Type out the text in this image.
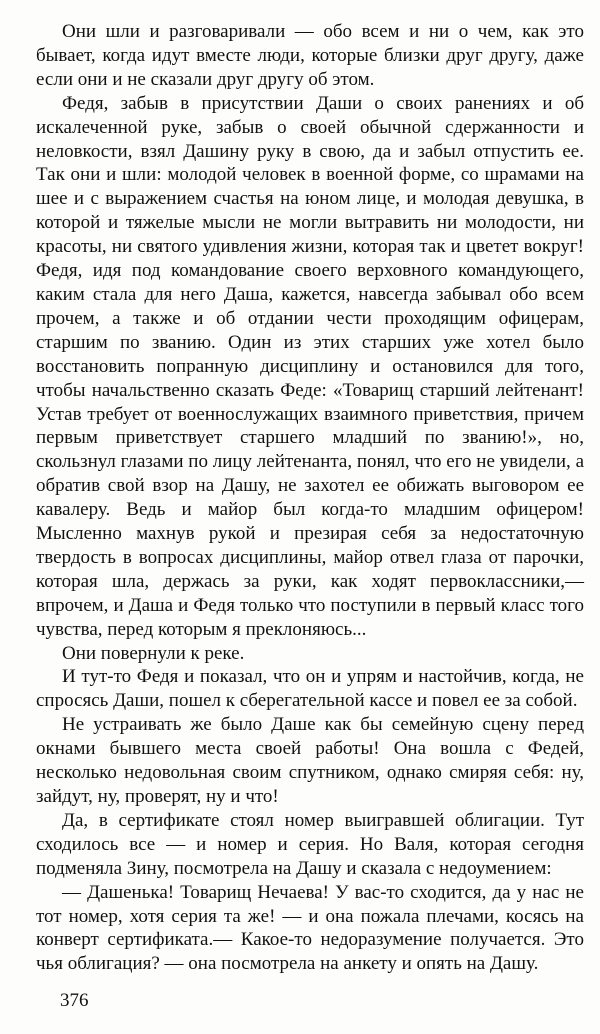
Они шли и разговаривали — обо всем и ни о чем, как это бывает, когда идут вместе люди, которые близки друг другу, даже если они и не сказали друг другу об этом.

Федя, забыв в присутствии Даши о своих ранениях и об искалеченной руке, забыв о своей обычной сдержанности и неловкости, взял Дашину руку в свою, да и забыл отпустить ее. Так они и шли: молодой человек в военной форме, со шрамами на шее и с выражением счастья на юном лице, и молодая девушка, в которой и тяжелые мысли не могли вытравить ни молодости, ни красоты, ни святого удивления жизни, которая так и цветет вокруг! Федя, идя под командование своего верховного командующего, каким стала для него Даша, кажется, навсегда забывал обо всем прочем, а также и об отдании чести проходящим офицерам, старшим по званию. Один из этих старших уже хотел было восстановить попранную дисциплину и остановился для того, чтобы начальственно сказать Феде: «Товарищ старший лейтенант! Устав требует от военнослужащих взаимного приветствия, причем первым приветствует старшего младший по званию!», но, скользнул глазами по лицу лейтенанта, понял, что его не увидели, а обратив свой взор на Дашу, не захотел ее обижать выговором ее кавалеру. Ведь и майор был когда-то младшим офицером! Мысленно махнув рукой и презирая себя за недостаточную твердость в вопросах дисциплины, майор отвел глаза от парочки, которая шла, держась за руки, как ходят первоклассники,— впрочем, и Даша и Федя только что поступили в первый класс того чувства, перед которым я преклоняюсь...

Они повернули к реке.

И тут-то Федя и показал, что он и упрям и настойчив, когда, не спросясь Даши, пошел к сберегательной кассе и повел ее за собой.

Не устраивать же было Даше как бы семейную сцену перед окнами бывшего места своей работы! Она вошла с Федей, несколько недовольная своим спутником, однако смиряя себя: ну, зайдут, ну, проверят, ну и что!

Да, в сертификате стоял номер выигравшей облигации. Тут сходилось все — и номер и серия. Но Валя, которая сегодня подменяла Зину, посмотрела на Дашу и сказала с недоумением:

— Дашенька! Товарищ Нечаева! У вас-то сходится, да у нас не тот номер, хотя серия та же! — и она пожала плечами, косясь на конверт сертификата.— Какое-то недоразумение получается. Это чья облигация? — она посмотрела на анкету и опять на Дашу.

376
